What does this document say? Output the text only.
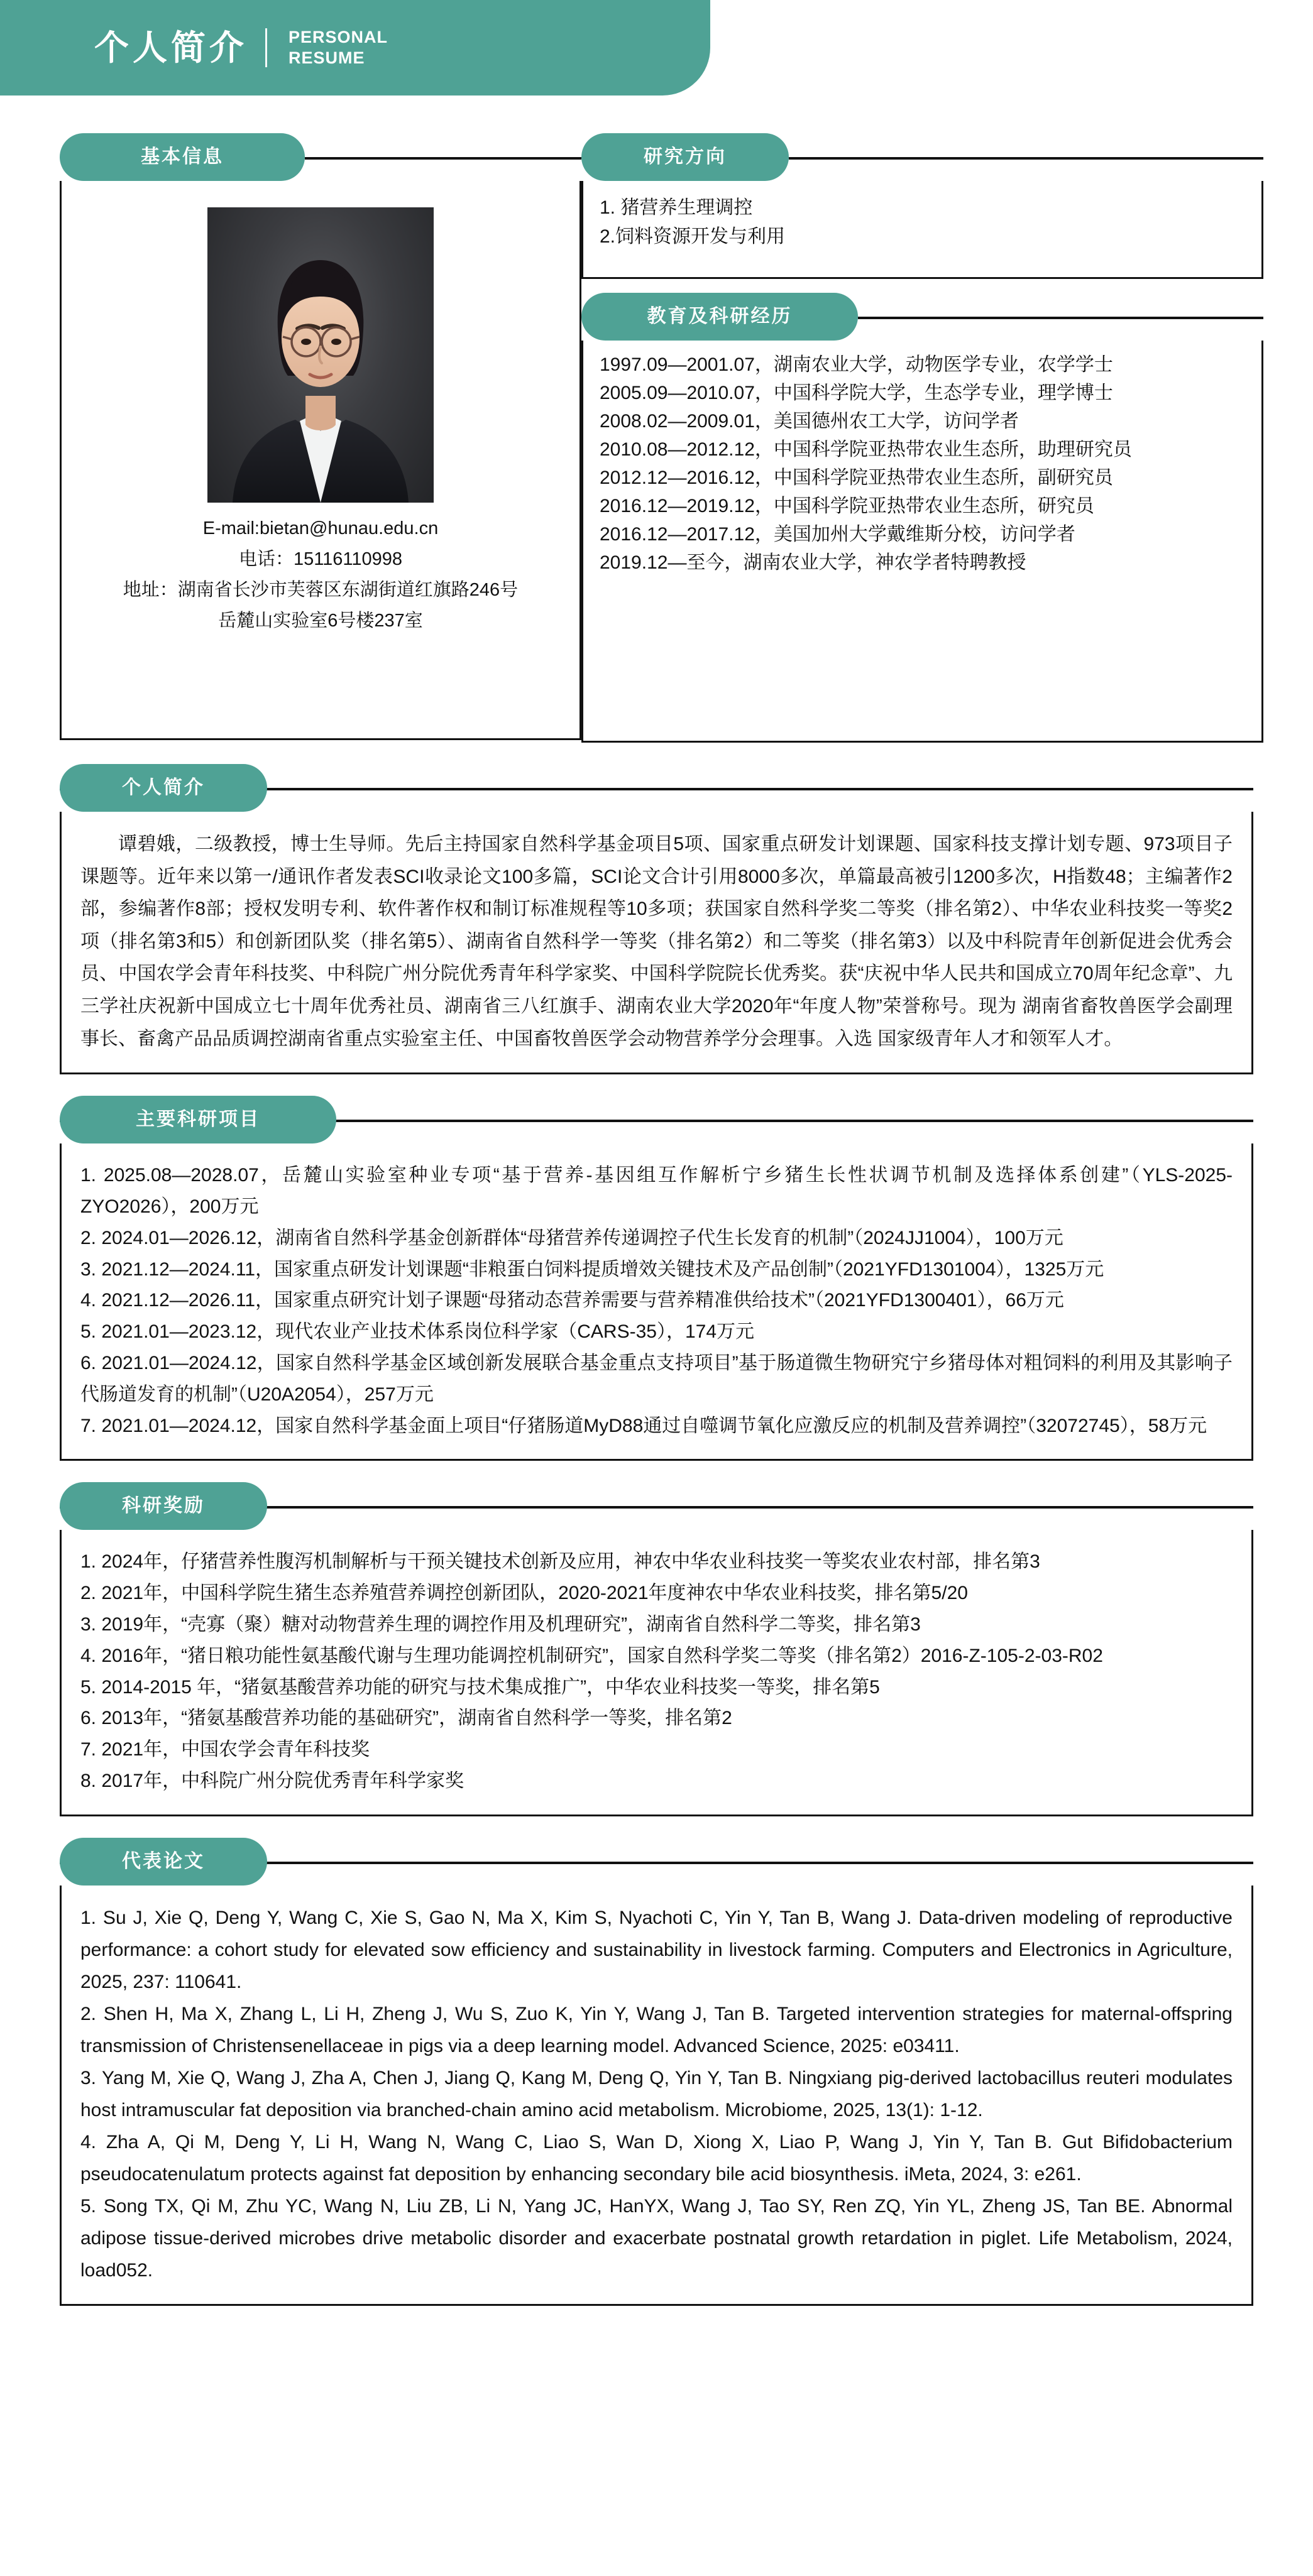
个人简介 PERSONAL
RESUME
基本信息
E-mail:bietan@hunau.edu.cn
电话：15116110998
地址：湖南省长沙市芙蓉区东湖街道红旗路246号
岳麓山实验室6号楼237室
研究方向

1. 猪营养生理调控

2.饲料资源开发与利用

教育及科研经历

1997.09—2001.07，湖南农业大学，动物医学专业，农学学士

2005.09—2010.07，中国科学院大学，生态学专业，理学博士

2008.02—2009.01，美国德州农工大学，访问学者

2010.08—2012.12，中国科学院亚热带农业生态所，助理研究员

2012.12—2016.12，中国科学院亚热带农业生态所，副研究员

2016.12—2019.12，中国科学院亚热带农业生态所，研究员

2016.12—2017.12，美国加州大学戴维斯分校，访问学者

2019.12—至今，湖南农业大学，神农学者特聘教授

个人简介

谭碧娥，二级教授，博士生导师。先后主持国家自然科学基金项目5项、国家重点研发计划课题、国家科技支撑计划专题、973项目子课题等。近年来以第一/通讯作者发表SCI收录论文100多篇，SCI论文合计引用8000多次，单篇最高被引1200多次，H指数48；主编著作2部，参编著作8部；授权发明专利、软件著作权和制订标准规程等10多项；获国家自然科学奖二等奖（排名第2）、中华农业科技奖一等奖2项（排名第3和5）和创新团队奖（排名第5）、湖南省自然科学一等奖（排名第2）和二等奖（排名第3）以及中科院青年创新促进会优秀会员、中国农学会青年科技奖、中科院广州分院优秀青年科学家奖、中国科学院院长优秀奖。获“庆祝中华人民共和国成立70周年纪念章”、九三学社庆祝新中国成立七十周年优秀社员、湖南省三八红旗手、湖南农业大学2020年“年度人物”荣誉称号。现为 湖南省畜牧兽医学会副理事长、畜禽产品品质调控湖南省重点实验室主任、中国畜牧兽医学会动物营养学分会理事。入选 国家级青年人才和领军人才。

主要科研项目

1. 2025.08—2028.07，岳麓山实验室种业专项“基于营养-基因组互作解析宁乡猪生长性状调节机制及选择体系创建”（YLS-2025-ZYO2026），200万元

2. 2024.01—2026.12，湖南省自然科学基金创新群体“母猪营养传递调控子代生长发育的机制”（2024JJ1004），100万元

3. 2021.12—2024.11，国家重点研发计划课题“非粮蛋白饲料提质增效关键技术及产品创制”（2021YFD1301004），1325万元

4. 2021.12—2026.11，国家重点研究计划子课题“母猪动态营养需要与营养精准供给技术”（2021YFD1300401），66万元

5. 2021.01—2023.12，现代农业产业技术体系岗位科学家（CARS-35），174万元

6. 2021.01—2024.12，国家自然科学基金区域创新发展联合基金重点支持项目”基于肠道微生物研究宁乡猪母体对粗饲料的利用及其影响子代肠道发育的机制”（U20A2054），257万元

7. 2021.01—2024.12，国家自然科学基金面上项目“仔猪肠道MyD88通过自噬调节氧化应激反应的机制及营养调控”（32072745），58万元

科研奖励

1. 2024年，仔猪营养性腹泻机制解析与干预关键技术创新及应用，神农中华农业科技奖一等奖农业农村部，排名第3

2. 2021年，中国科学院生猪生态养殖营养调控创新团队，2020-2021年度神农中华农业科技奖，排名第5/20

3. 2019年，“壳寡（聚）糖对动物营养生理的调控作用及机理研究”，湖南省自然科学二等奖，排名第3

4. 2016年，“猪日粮功能性氨基酸代谢与生理功能调控机制研究”，国家自然科学奖二等奖（排名第2）2016-Z-105-2-03-R02

5. 2014-2015 年，“猪氨基酸营养功能的研究与技术集成推广”，中华农业科技奖一等奖，排名第5

6. 2013年，“猪氨基酸营养功能的基础研究”，湖南省自然科学一等奖，排名第2

7. 2021年，中国农学会青年科技奖

8. 2017年，中科院广州分院优秀青年科学家奖

代表论文

1. Su J, Xie Q, Deng Y, Wang C, Xie S, Gao N, Ma X, Kim S, Nyachoti C, Yin Y, Tan B, Wang J. Data-driven modeling of reproductive performance: a cohort study for elevated sow efficiency and sustainability in livestock farming. Computers and Electronics in Agriculture, 2025, 237: 110641.

2. Shen H, Ma X, Zhang L, Li H, Zheng J, Wu S, Zuo K, Yin Y, Wang J, Tan B. Targeted intervention strategies for maternal-offspring transmission of Christensenellaceae in pigs via a deep learning model. Advanced Science, 2025: e03411.

3. Yang M, Xie Q, Wang J, Zha A, Chen J, Jiang Q, Kang M, Deng Q, Yin Y, Tan B. Ningxiang pig-derived lactobacillus reuteri modulates host intramuscular fat deposition via branched-chain amino acid metabolism. Microbiome, 2025, 13(1): 1-12.

4. Zha A, Qi M, Deng Y, Li H, Wang N, Wang C, Liao S, Wan D, Xiong X, Liao P, Wang J, Yin Y, Tan B. Gut Bifidobacterium pseudocatenulatum protects against fat deposition by enhancing secondary bile acid biosynthesis. iMeta, 2024, 3: e261.

5. Song TX, Qi M, Zhu YC, Wang N, Liu ZB, Li N, Yang JC, HanYX, Wang J, Tao SY, Ren ZQ, Yin YL, Zheng JS, Tan BE. Abnormal adipose tissue-derived microbes drive metabolic disorder and exacerbate postnatal growth retardation in piglet. Life Metabolism, 2024, load052.
